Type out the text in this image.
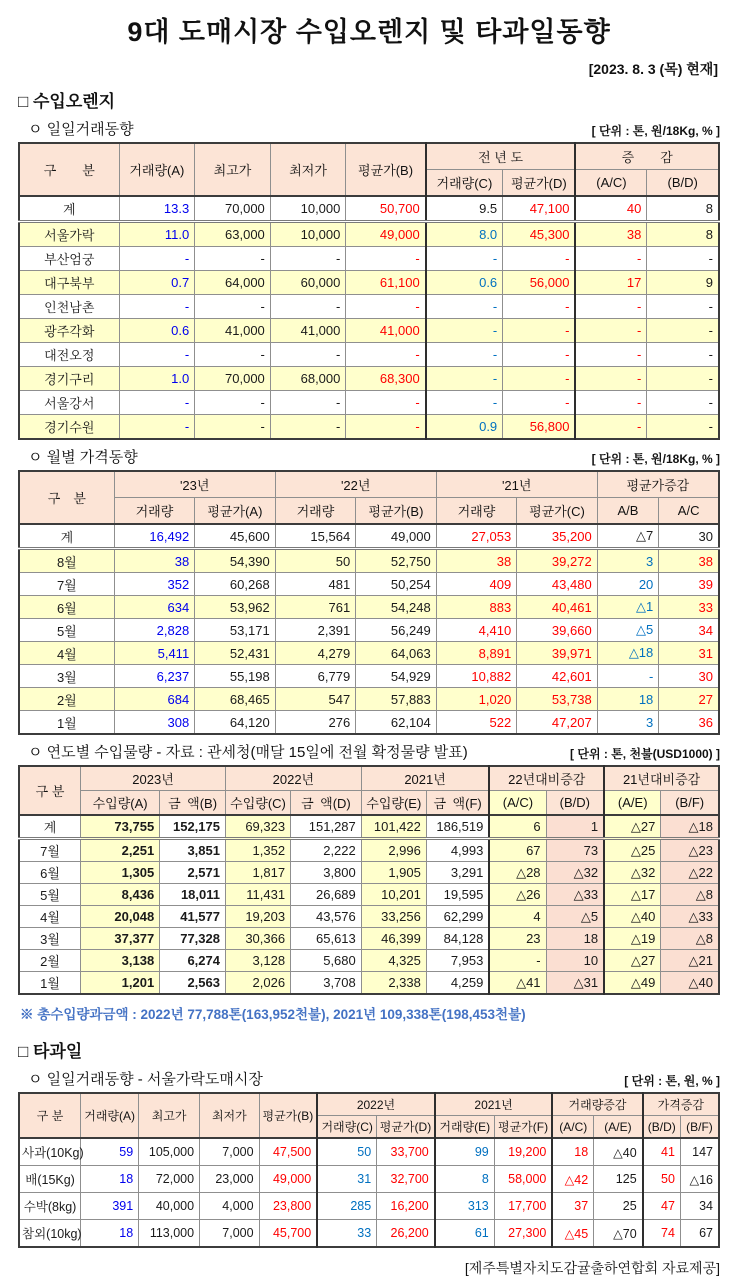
9대 도매시장 수입오렌지 및 타과일동향
[2023. 8. 3 (목) 현재]
□ 수입오렌지
ㅇ 일일거래동향	[ 단위 : 톤, 원/18Kg, % ]
구  분	거래량(A)	최고가	최저가	평균가(B)	전 년 도		증  감	
					거래량(C)	평균가(D)	(A/C)	(B/D)
계	13.3	70,000	10,000	50,700	9.5	47,100	40	8
서울가락	11.0	63,000	10,000	49,000	8.0	45,300	38	8
부산엄궁	-	-	-	-	-	-	-	-
대구북부	0.7	64,000	60,000	61,100	0.6	56,000	17	9
인천남촌	-	-	-	-	-	-	-	-
광주각화	0.6	41,000	41,000	41,000	-	-	-	-
대전오정	-	-	-	-	-	-	-	-
경기구리	1.0	70,000	68,000	68,300	-	-	-	-
서울강서	-	-	-	-	-	-	-	-
경기수원	-	-	-	-	0.9	56,800	-	-
ㅇ 월별 가격동향	[ 단위 : 톤, 원/18Kg, % ]
구 분	'23년		'22년		'21년		평균가증감	
	거래량	평균가(A)	거래량	평균가(B)	거래량	평균가(C)	A/B	A/C
계	16,492	45,600	15,564	49,000	27,053	35,200	△7	30
8월	38	54,390	50	52,750	38	39,272	3	38
7월	352	60,268	481	50,254	409	43,480	20	39
6월	634	53,962	761	54,248	883	40,461	△1	33
5월	2,828	53,171	2,391	56,249	4,410	39,660	△5	34
4월	5,411	52,431	4,279	64,063	8,891	39,971	△18	31
3월	6,237	55,198	6,779	54,929	10,882	42,601	-	30
2월	684	68,465	547	57,883	1,020	53,738	18	27
1월	308	64,120	276	62,104	522	47,207	3	36
ㅇ 연도별 수입물량 - 자료 : 관세청(매달 15일에 전월 확정물량 발표)	[ 단위 : 톤, 천불(USD1000) ]
구 분	2023년		2022년		2021년		22년대비증감		21년대비증감	
	수입량(A)	금 액(B)	수입량(C)	금 액(D)	수입량(E)	금 액(F)	(A/C)	(B/D)	(A/E)	(B/F)
계	73,755	152,175	69,323	151,287	101,422	186,519	6	1	△27	△18
7월	2,251	3,851	1,352	2,222	2,996	4,993	67	73	△25	△23
6월	1,305	2,571	1,817	3,800	1,905	3,291	△28	△32	△32	△22
5월	8,436	18,011	11,431	26,689	10,201	19,595	△26	△33	△17	△8
4월	20,048	41,577	19,203	43,576	33,256	62,299	4	△5	△40	△33
3월	37,377	77,328	30,366	65,613	46,399	84,128	23	18	△19	△8
2월	3,138	6,274	3,128	5,680	4,325	7,953	-	10	△27	△21
1월	1,201	2,563	2,026	3,708	2,338	4,259	△41	△31	△49	△40
※ 총수입량과금액 : 2022년 77,788톤(163,952천불), 2021년 109,338톤(198,453천불)
□ 타과일
ㅇ 일일거래동향 - 서울가락도매시장	[ 단위 : 톤, 원, % ]
구 분	거래량(A)	최고가	최저가	평균가(B)	2022년		2021년		거래량증감		가격증감	
					거래량(C)	평균가(D)	거래량(E)	평균가(F)	(A/C)	(A/E)	(B/D)	(B/F)
사과(10Kg)	59	105,000	7,000	47,500	50	33,700	99	19,200	18	△40	41	147
배(15Kg)	18	72,000	23,000	49,000	31	32,700	8	58,000	△42	125	50	△16
수박(8kg)	391	40,000	4,000	23,800	285	16,200	313	17,700	37	25	47	34
참외(10kg)	18	113,000	7,000	45,700	33	26,200	61	27,300	△45	△70	74	67
[제주특별자치도감귤출하연합회 자료제공]
